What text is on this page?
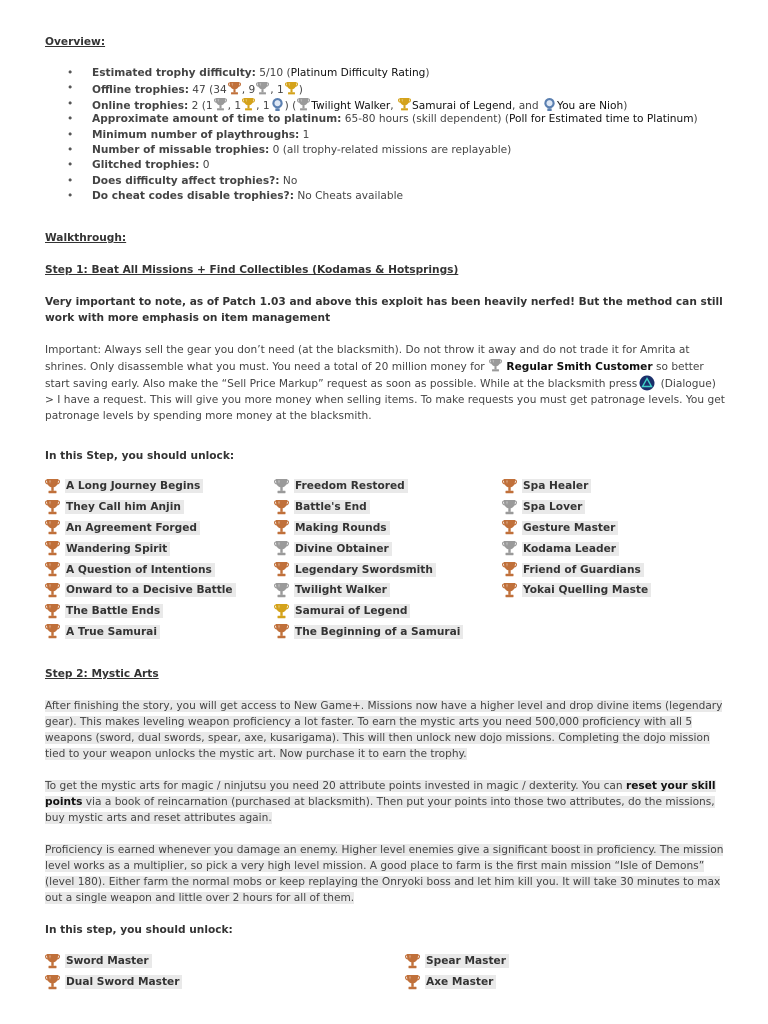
Overview:
• Estimated trophy difficulty: 5/10 (Platinum Difficulty Rating)
• Offline trophies: 47 (34 , 9 , 1 )
• Online trophies: 2 (1 , 1 , 1 ) ( Twilight Walker, Samurai of Legend, and You are Nioh)
• Approximate amount of time to platinum: 65-80 hours (skill dependent) (Poll for Estimated time to Platinum)
• Minimum number of playthroughs: 1
• Number of missable trophies: 0 (all trophy-related missions are replayable)
• Glitched trophies: 0
• Does difficulty affect trophies?: No
• Do cheat codes disable trophies?: No Cheats available
Walkthrough:
Step 1: Beat All Missions + Find Collectibles (Kodamas & Hotsprings)
Very important to note, as of Patch 1.03 and above this exploit has been heavily nerfed! But the method can still work with more emphasis on item management
Important: Always sell the gear you don’t need (at the blacksmith). Do not throw it away and do not trade it for Amrita at shrines. Only disassemble what you must. You need a total of 20 million money for Regular Smith Customer so better start saving early. Also make the “Sell Price Markup” request as soon as possible. While at the blacksmith press (Dialogue) > I have a request. This will give you more money when selling items. To make requests you must get patronage levels. You get patronage levels by spending more money at the blacksmith.
In this Step, you should unlock:
A Long Journey Begins
They Call him Anjin
An Agreement Forged
Wandering Spirit
A Question of Intentions
Onward to a Decisive Battle
The Battle Ends
A True Samurai
Freedom Restored
Battle's End
Making Rounds
Divine Obtainer
Legendary Swordsmith
Twilight Walker
Samurai of Legend
The Beginning of a Samurai
Spa Healer
Spa Lover
Gesture Master
Kodama Leader
Friend of Guardians
Yokai Quelling Maste
Step 2: Mystic Arts
After finishing the story, you will get access to New Game+. Missions now have a higher level and drop divine items (legendary gear). This makes leveling weapon proficiency a lot faster. To earn the mystic arts you need 500,000 proficiency with all 5 weapons (sword, dual swords, spear, axe, kusarigama). This will then unlock new dojo missions. Completing the dojo mission tied to your weapon unlocks the mystic art. Now purchase it to earn the trophy.
To get the mystic arts for magic / ninjutsu you need 20 attribute points invested in magic / dexterity. You can reset your skill points via a book of reincarnation (purchased at blacksmith). Then put your points into those two attributes, do the missions, buy mystic arts and reset attributes again.
Proficiency is earned whenever you damage an enemy. Higher level enemies give a significant boost in proficiency. The mission level works as a multiplier, so pick a very high level mission. A good place to farm is the first main mission “Isle of Demons” (level 180). Either farm the normal mobs or keep replaying the Onryoki boss and let him kill you. It will take 30 minutes to max out a single weapon and little over 2 hours for all of them.
In this step, you should unlock:
Sword Master
Dual Sword Master
Spear Master
Axe Master
